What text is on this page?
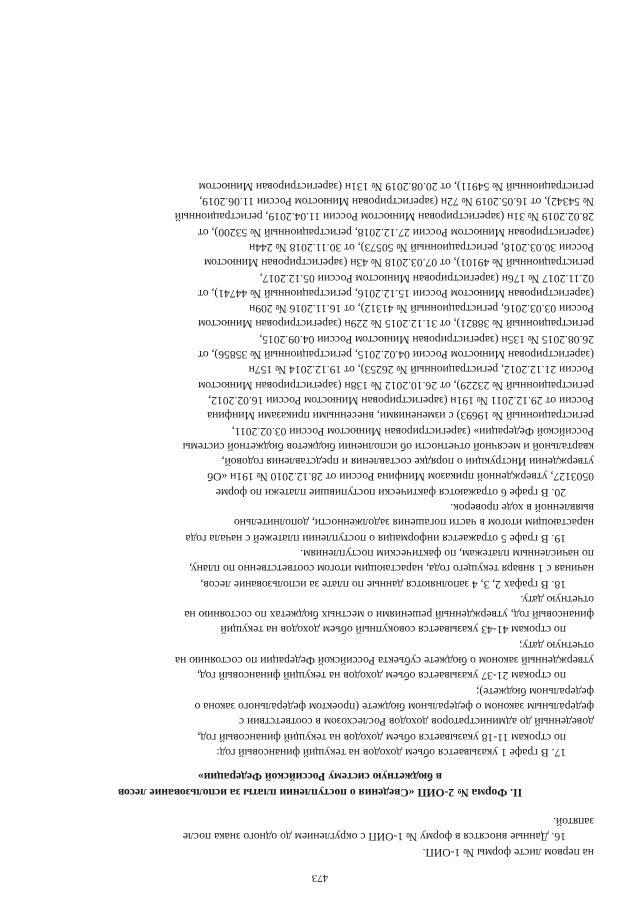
473
на первом листе формы № 1-ОИП.
16. Данные вносятся в форму № 1-ОИП с округлением до одного знака после
запятой.
II. Форма № 2-ОИП «Сведения о поступлении платы за использование лесов
в бюджетную систему Российской Федерации»
17. В графе 1 указывается объем доходов на текущий финансовый год:
по строкам 11-18 указывается объем доходов на текущий финансовый год,
доведенный до администраторов доходов Рослесхозом в соответствии с
федеральным законом о федеральном бюджете (проектом федерального закона о
федеральном бюджете);
по строкам 21-37 указывается объем доходов на текущий финансовый год,
утвержденный законом о бюджете субъекта Российской Федерации по состоянию на
отчетную дату;
по строкам 41-43 указывается совокупный объем доходов на текущий
финансовый год, утвержденный решениями о местных бюджетах по состоянию на
отчетную дату.
18. В графах 2, 3, 4 заполняются данные по плате за использование лесов,
начиная с 1 января текущего года, нарастающим итогом соответственно по плану,
по начисленным платежам, по фактическим поступлениям.
19. В графе 5 отражается информация о поступлении платежей с начала года
нарастающим итогом в части погашения задолженности, дополнительно
выявленной в ходе проверок.
20. В графе 6 отражаются фактически поступившие платежи по форме
0503127, утвержденной приказом Минфина России от 28.12.2010 № 191н «Об
утверждении Инструкции о порядке составления и представления годовой,
квартальной и месячной отчетности об исполнении бюджетов бюджетной системы
Российской Федерации» (зарегистрирован Минюстом России 03.02.2011,
регистрационный № 19693) с изменениями, внесенными приказами Минфина
России от 29.12.2011 № 191н (зарегистрирован Минюстом России 16.02.2012,
регистрационный № 23229), от 26.10.2012 № 138н (зарегистрирован Минюстом
России 21.12.2012, регистрационный № 26253), от 19.12.2014 № 157н
(зарегистрирован Минюстом России 04.02.2015, регистрационный № 35856), от
26.08.2015 № 135н (зарегистрирован Минюстом России 04.09.2015,
регистрационный № 38821), от 31.12.2015 № 229н (зарегистрирован Минюстом
России 03.03.2016, регистрационный № 41312), от 16.11.2016 № 209н
(зарегистрирован Минюстом России 15.12.2016, регистрационный № 44741), от
02.11.2017 № 176н (зарегистрирован Минюстом России 05.12.2017,
регистрационный № 49101), от 07.03.2018 № 43н (зарегистрирован Минюстом
России 30.03.2018, регистрационный № 50573), от 30.11.2018 № 244н
(зарегистрирован Минюстом России 27.12.2018, регистрационный № 53200), от
28.02.2019 № 31н (зарегистрирован Минюстом России 11.04.2019, регистрационный
№ 54342), от 16.05.2019 № 72н (зарегистрирован Минюстом России 11.06.2019,
регистрационный № 54911), от 20.08.2019 № 131н (зарегистрирован Минюстом
